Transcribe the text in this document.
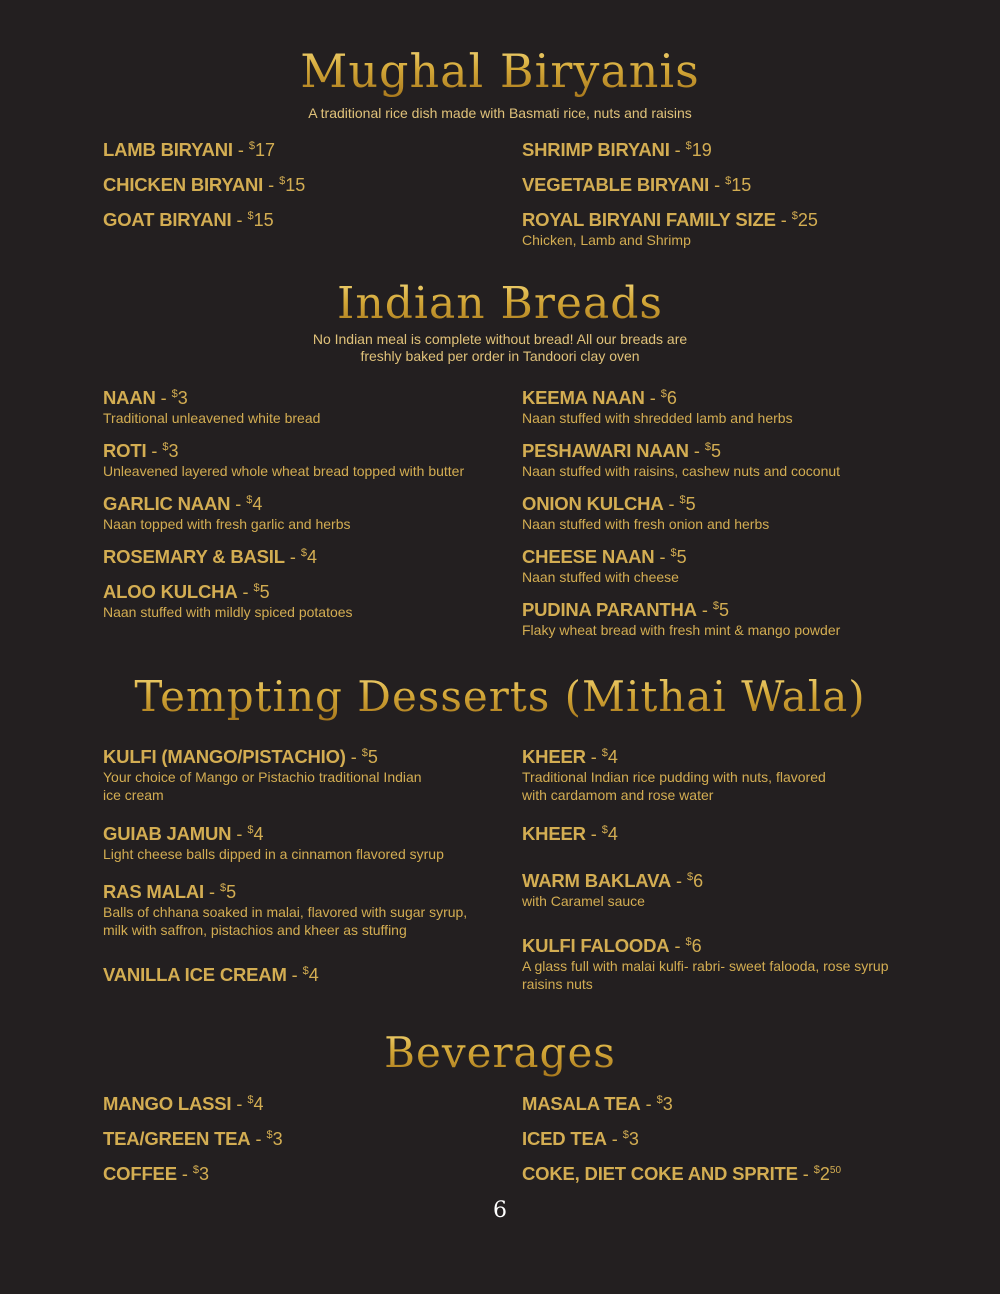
Mughal Biryanis

A traditional rice dish made with Basmati rice, nuts and raisins

LAMB BIRYANI - $17
CHICKEN BIRYANI - $15
GOAT BIRYANI - $15
SHRIMP BIRYANI - $19
VEGETABLE BIRYANI - $15
ROYAL BIRYANI FAMILY SIZE - $25
Chicken, Lamb and Shrimp
Indian Breads

No Indian meal is complete without bread! All our breads are

freshly baked per order in Tandoori clay oven

NAAN - $3
Traditional unleavened white bread
ROTI - $3
Unleavened layered whole wheat bread topped with butter
GARLIC NAAN - $4
Naan topped with fresh garlic and herbs
ROSEMARY & BASIL - $4
ALOO KULCHA - $5
Naan stuffed with mildly spiced potatoes
KEEMA NAAN - $6
Naan stuffed with shredded lamb and herbs
PESHAWARI NAAN - $5
Naan stuffed with raisins, cashew nuts and coconut
ONION KULCHA - $5
Naan stuffed with fresh onion and herbs
CHEESE NAAN - $5
Naan stuffed with cheese
PUDINA PARANTHA - $5
Flaky wheat bread with fresh mint & mango powder
Tempting Desserts (Mithai Wala)
KULFI (MANGO/PISTACHIO) - $5
Your choice of Mango or Pistachio traditional Indian
ice cream
GUIAB JAMUN - $4
Light cheese balls dipped in a cinnamon flavored syrup
RAS MALAI - $5
Balls of chhana soaked in malai, flavored with sugar syrup,
milk with saffron, pistachios and kheer as stuffing
VANILLA ICE CREAM - $4
KHEER - $4
Traditional Indian rice pudding with nuts, flavored
with cardamom and rose water
KHEER - $4
WARM BAKLAVA - $6
with Caramel sauce
KULFI FALOODA - $6
A glass full with malai kulfi- rabri- sweet falooda, rose syrup
raisins nuts
Beverages
MANGO LASSI - $4
TEA/GREEN TEA - $3
COFFEE - $3
MASALA TEA - $3
ICED TEA - $3
COKE, DIET COKE AND SPRITE - $^{\$}2^{50}$
6
